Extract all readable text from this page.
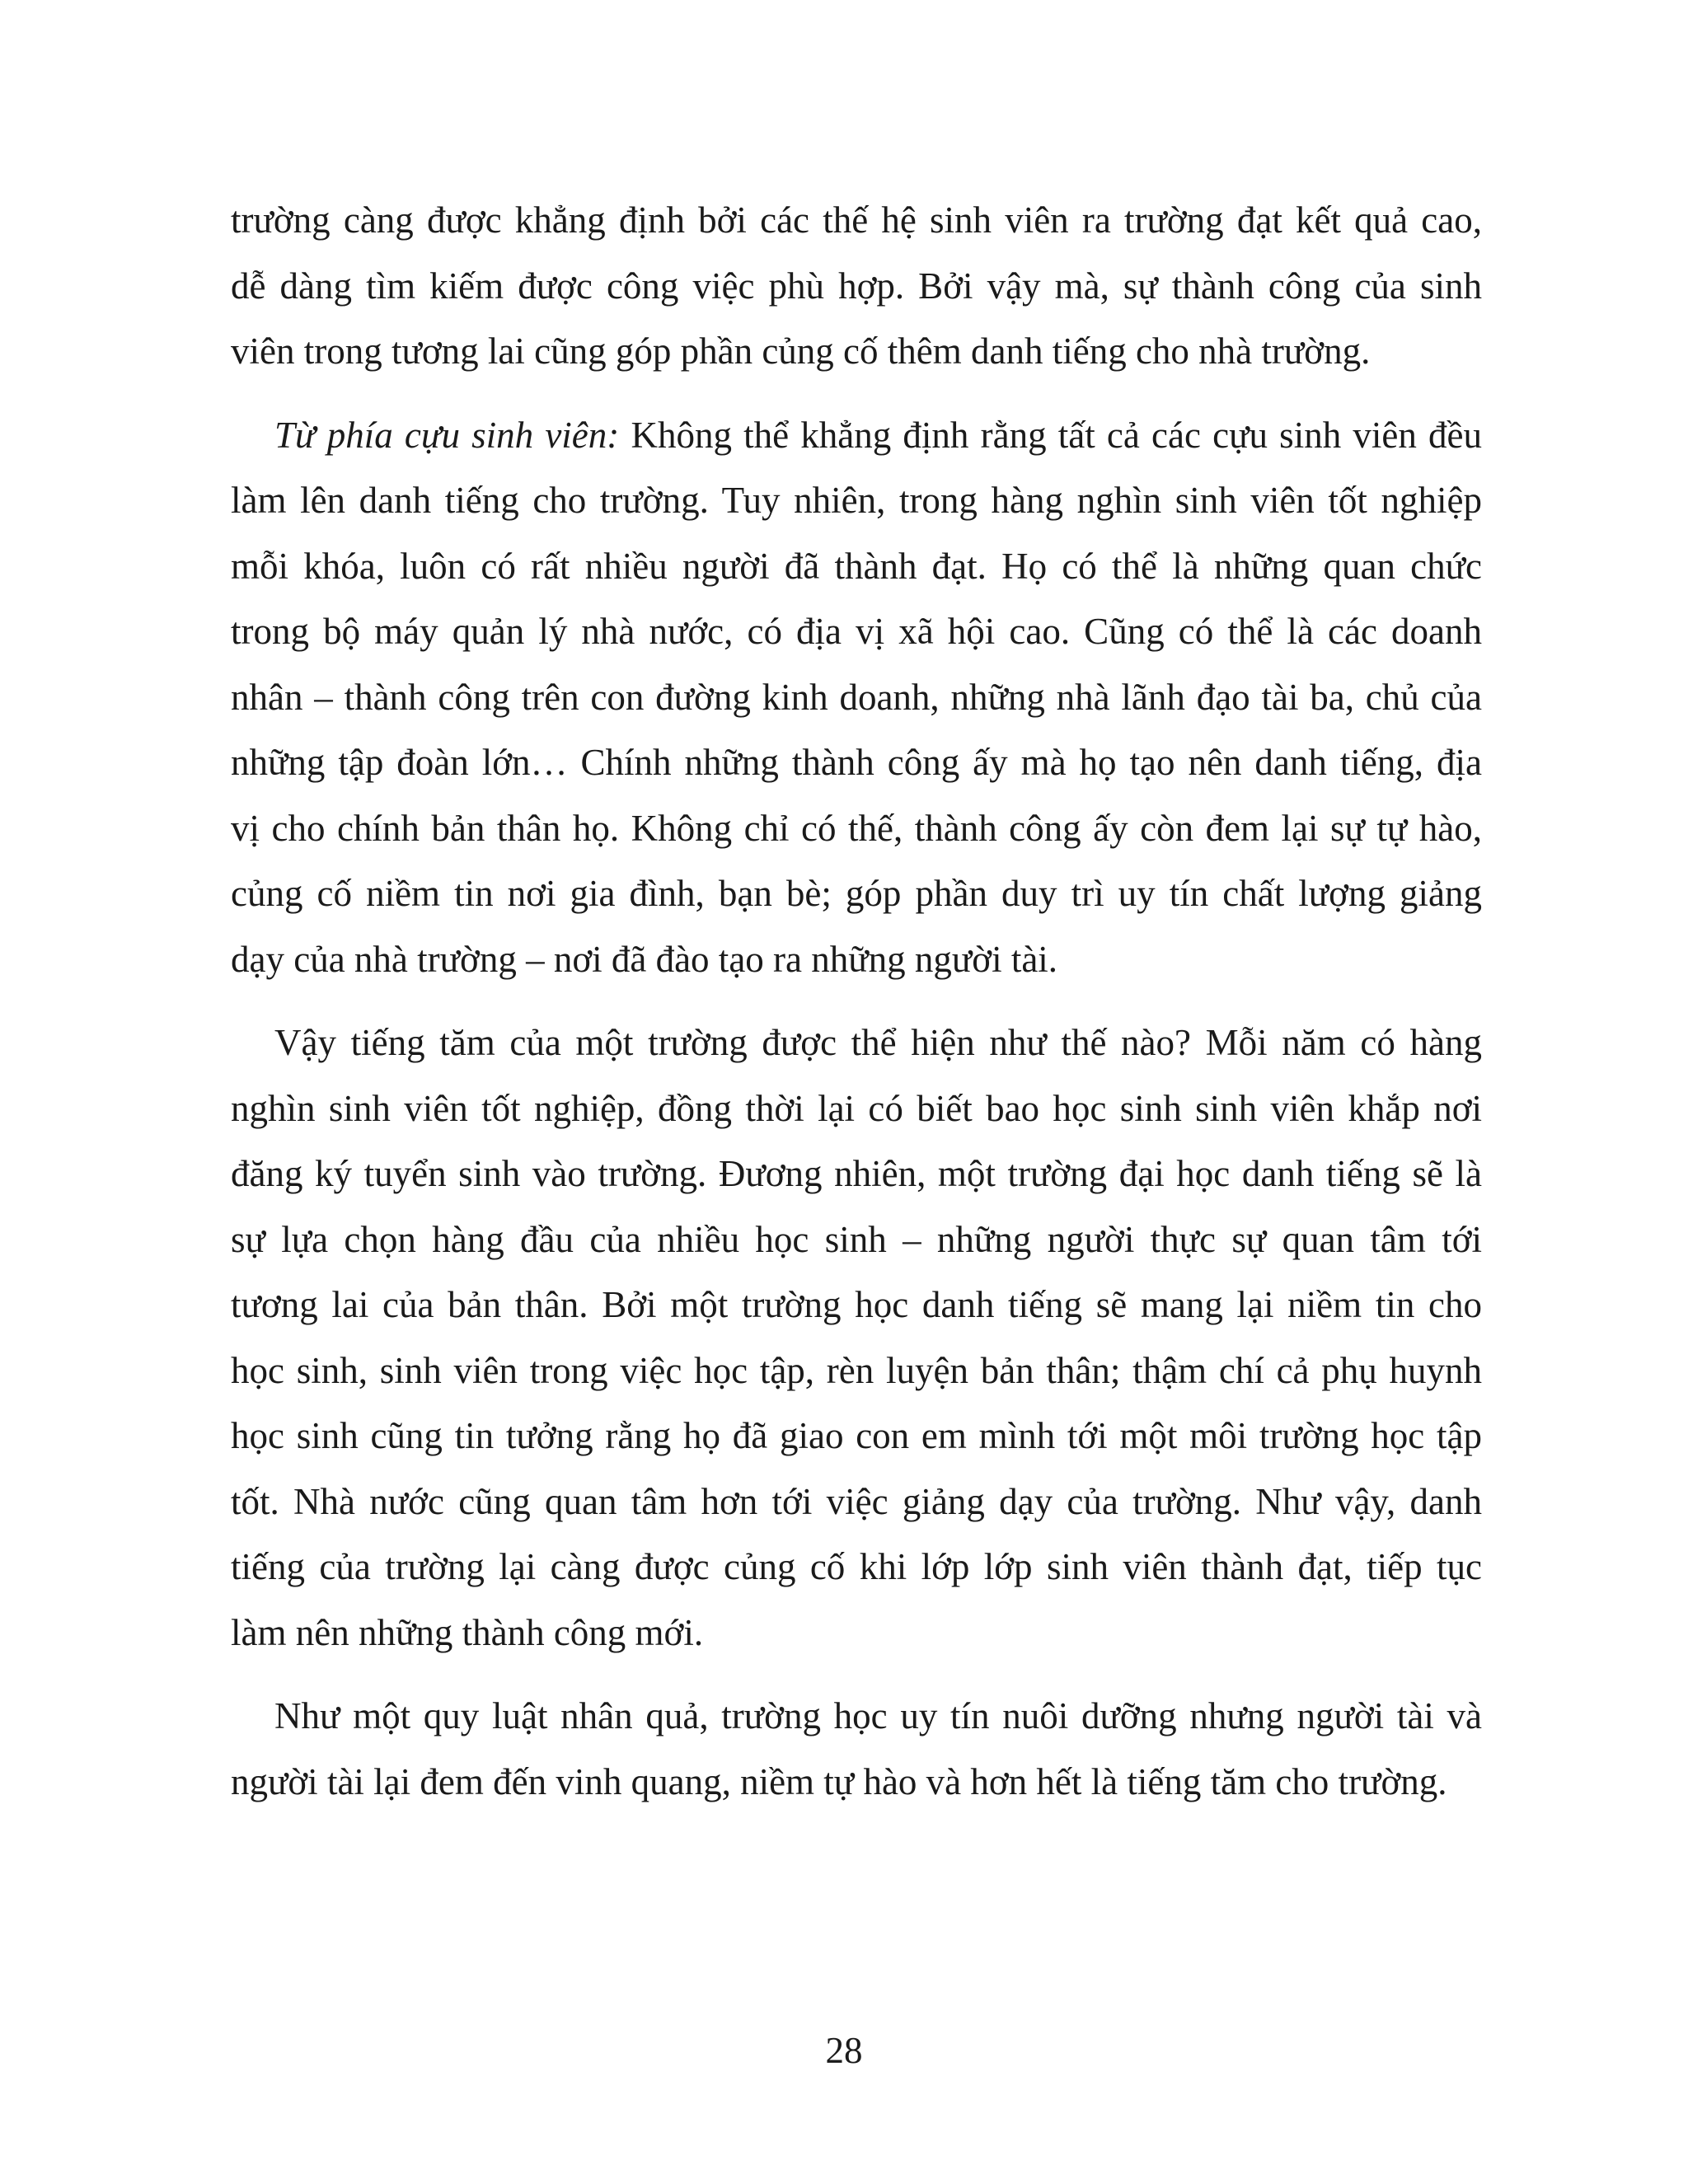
trường càng được khẳng định bởi các thế hệ sinh viên ra trường đạt kết quả cao,
dễ dàng tìm kiếm được công việc phù hợp. Bởi vậy mà, sự thành công của sinh
viên trong tương lai cũng góp phần củng cố thêm danh tiếng cho nhà trường.
Từ phía cựu sinh viên: Không thể khẳng định rằng tất cả các cựu sinh viên đều
làm lên danh tiếng cho trường. Tuy nhiên, trong hàng nghìn sinh viên tốt nghiệp
mỗi khóa, luôn có rất nhiều người đã thành đạt. Họ có thể là những quan chức
trong bộ máy quản lý nhà nước, có địa vị xã hội cao. Cũng có thể là các doanh
nhân – thành công trên con đường kinh doanh, những nhà lãnh đạo tài ba, chủ của
những tập đoàn lớn… Chính những thành công ấy mà họ tạo nên danh tiếng, địa
vị cho chính bản thân họ. Không chỉ có thế, thành công ấy còn đem lại sự tự hào,
củng cố niềm tin nơi gia đình, bạn bè; góp phần duy trì uy tín chất lượng giảng
dạy của nhà trường – nơi đã đào tạo ra những người tài.
Vậy tiếng tăm của một trường được thể hiện như thế nào? Mỗi năm có hàng
nghìn sinh viên tốt nghiệp, đồng thời lại có biết bao học sinh sinh viên khắp nơi
đăng ký tuyển sinh vào trường. Đương nhiên, một trường đại học danh tiếng sẽ là
sự lựa chọn hàng đầu của nhiều học sinh – những người thực sự quan tâm tới
tương lai của bản thân. Bởi một trường học danh tiếng sẽ mang lại niềm tin cho
học sinh, sinh viên trong việc học tập, rèn luyện bản thân; thậm chí cả phụ huynh
học sinh cũng tin tưởng rằng họ đã giao con em mình tới một môi trường học tập
tốt. Nhà nước cũng quan tâm hơn tới việc giảng dạy của trường. Như vậy, danh
tiếng của trường lại càng được củng cố khi lớp lớp sinh viên thành đạt, tiếp tục
làm nên những thành công mới.
Như một quy luật nhân quả, trường học uy tín nuôi dưỡng nhưng người tài và
người tài lại đem đến vinh quang, niềm tự hào và hơn hết là tiếng tăm cho trường.
28
